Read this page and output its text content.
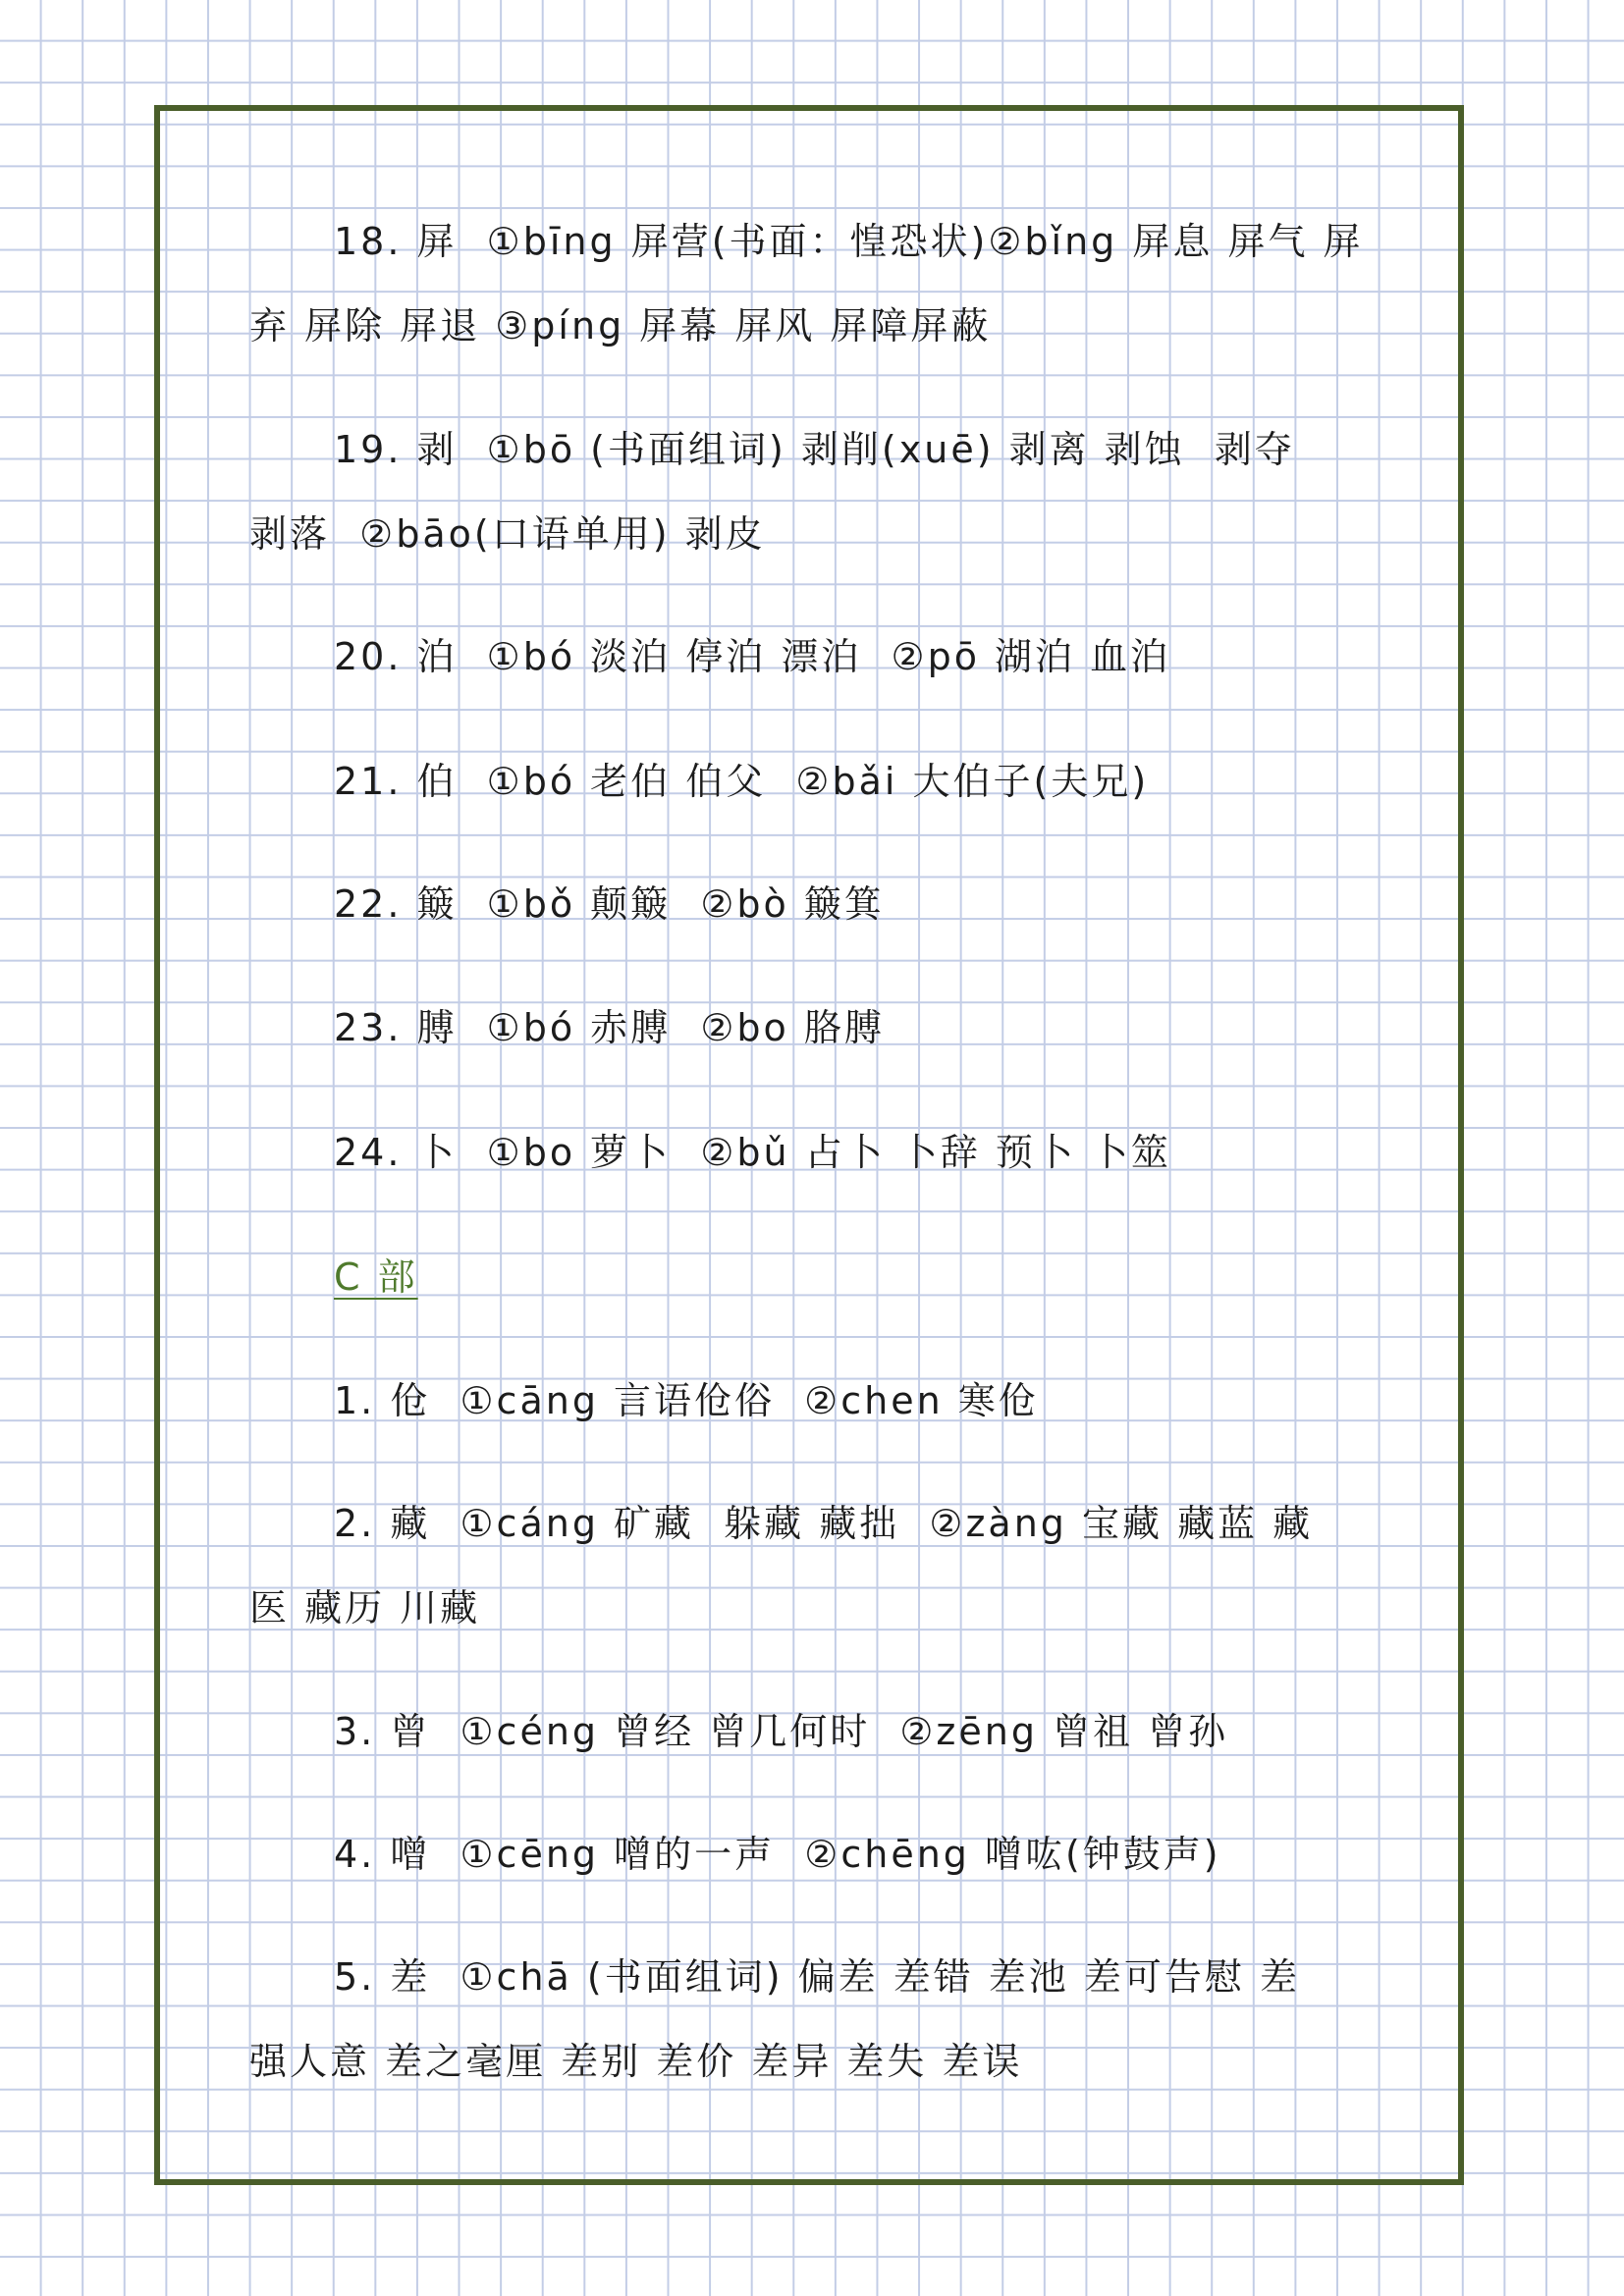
18. 屏  ①bīng 屏营(书面：惶恐状)②bǐng 屏息 屏气 屏
弃 屏除 屏退 ③píng 屏幕 屏风 屏障屏蔽
19. 剥  ①bō (书面组词) 剥削(xuē) 剥离 剥蚀  剥夺
剥落  ②bāo(口语单用) 剥皮
20. 泊  ①bó 淡泊 停泊 漂泊  ②pō 湖泊 血泊
21. 伯  ①bó 老伯 伯父  ②bǎi 大伯子(夫兄)
22. 簸  ①bǒ 颠簸  ②bò 簸箕
23. 膊  ①bó 赤膊  ②bo 胳膊
24. 卜  ①bo 萝卜  ②bǔ 占卜 卜辞 预卜 卜筮
C 部
1. 伧  ①cāng 言语伧俗  ②chen 寒伧
2. 藏  ①cáng 矿藏  躲藏 藏拙  ②zàng 宝藏 藏蓝 藏
医 藏历 川藏
3. 曾  ①céng 曾经 曾几何时  ②zēng 曾祖 曾孙
4. 噌  ①cēng 噌的一声  ②chēng 噌吰(钟鼓声)
5. 差  ①chā (书面组词) 偏差 差错 差池 差可告慰 差
强人意 差之毫厘 差别 差价 差异 差失 差误
